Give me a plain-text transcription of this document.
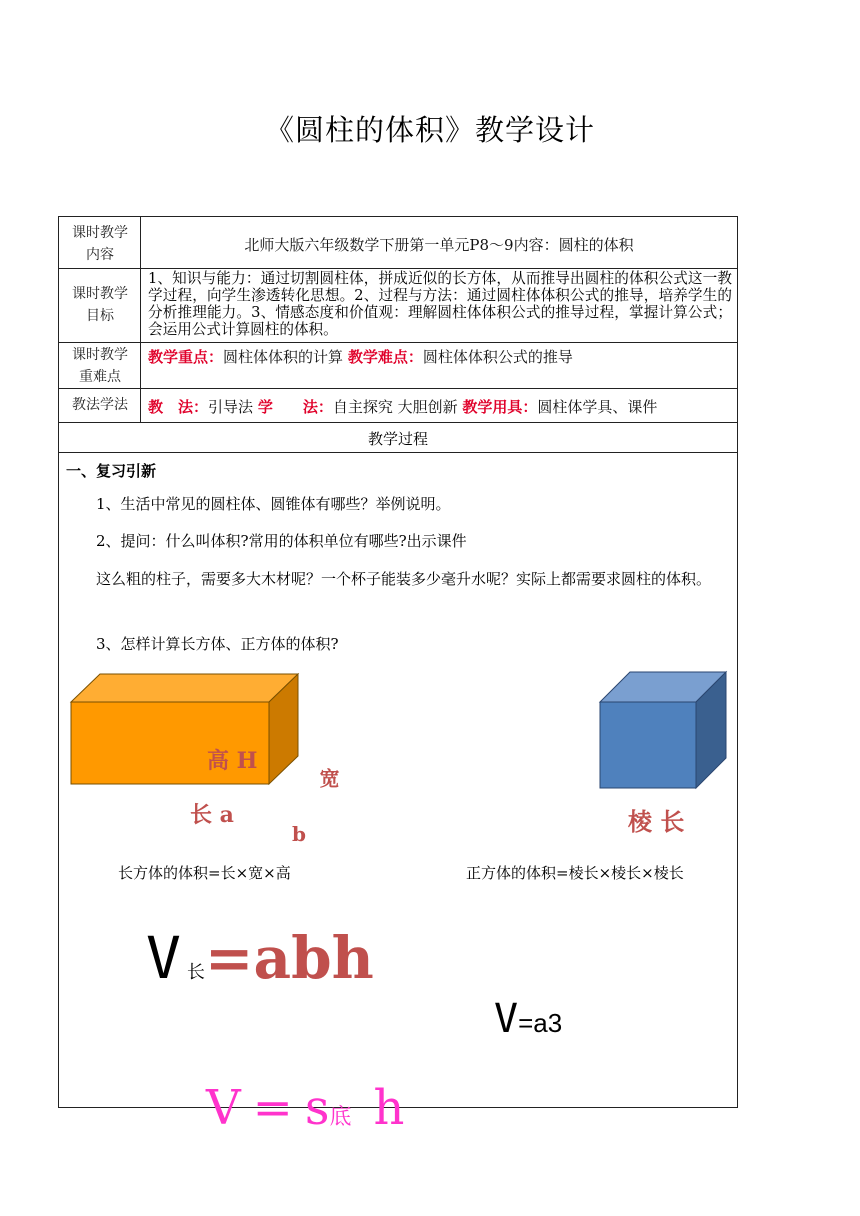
《圆柱的体积》教学设计
课时教学
内容
北师大版六年级数学下册第一单元P8～9内容：圆柱的体积
课时教学
目标
1、知识与能力：通过切割圆柱体，拼成近似的长方体，从而推导出圆柱的体积公式这一教学过程，向学生渗透转化思想。2、过程与方法：通过圆柱体体积公式的推导，培养学生的分析推理能力。3、情感态度和价值观：理解圆柱体体积公式的推导过程，掌握计算公式；会运用公式计算圆柱的体积。
课时教学
重难点
教学重点：圆柱体体积的计算 教学难点：圆柱体体积公式的推导
教法学法	教　法：引导法 学　　法：自主探究 大胆创新 教学用具：圆柱体学具、课件
教学过程
一、复习引新
1、生活中常见的圆柱体、圆锥体有哪些？举例说明。
2、提问：什么叫体积?常用的体积单位有哪些?出示课件
这么粗的柱子，需要多大木材呢？一个杯子能装多少毫升水呢？实际上都需要求圆柱的体积。
3、怎样计算长方体、正方体的体积?
高 H
宽
长 a
b
长方体的体积=长×宽×高
棱 长
正方体的体积=棱长×棱长×棱长
V长=abh
V=a3
V = s底 h
